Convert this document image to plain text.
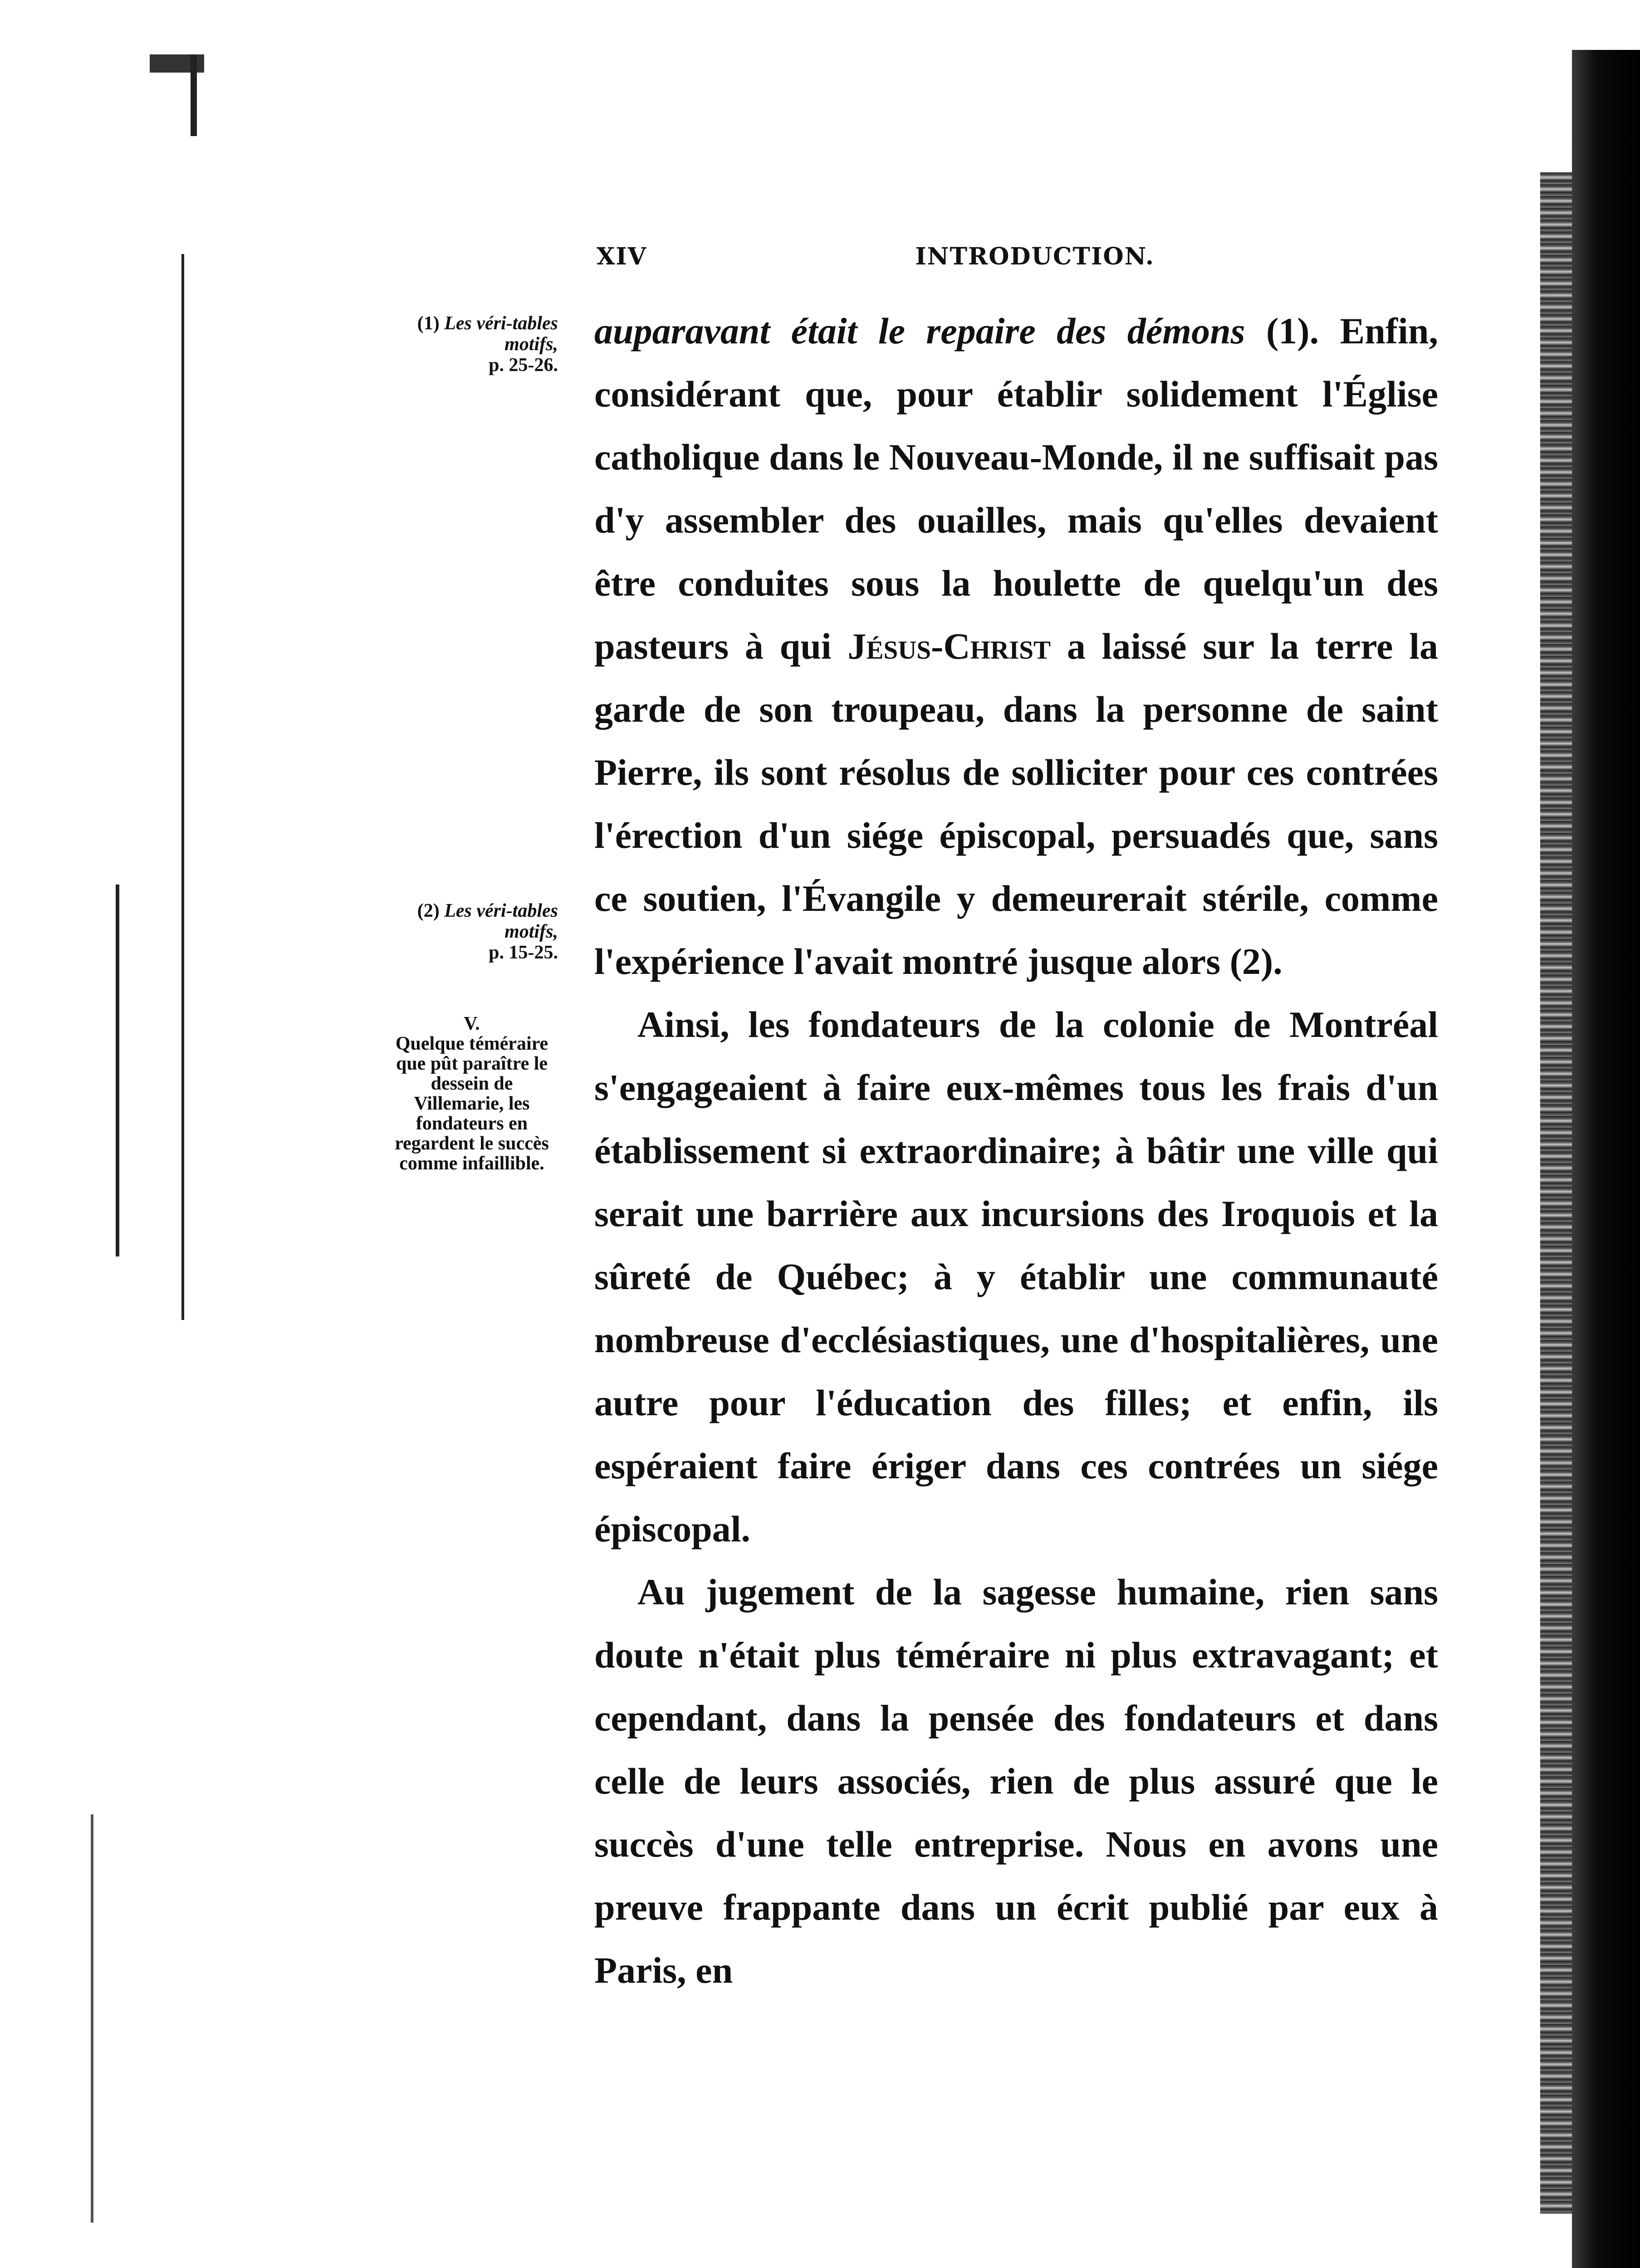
XIV	INTRODUCTION.
(1) Les véri-tables motifs,
p. 25-26.
(2) Les véri-tables motifs,
p. 15-25.
V.
Quelque téméraire que pût paraître le dessein de Villemarie, les fondateurs en regardent le succès comme infaillible.

auparavant était le repaire des démons (1). Enfin, considérant que, pour établir solidement l'Église catholique dans le Nouveau-Monde, il ne suffisait pas d'y assembler des ouailles, mais qu'elles devaient être conduites sous la houlette de quelqu'un des pasteurs à qui Jésus-Christ a laissé sur la terre la garde de son troupeau, dans la personne de saint Pierre, ils sont résolus de solliciter pour ces contrées l'érection d'un siége épiscopal, persuadés que, sans ce soutien, l'Évangile y demeurerait stérile, comme l'expérience l'avait montré jusque alors (2).

Ainsi, les fondateurs de la colonie de Montréal s'engageaient à faire eux-mêmes tous les frais d'un établissement si extraordinaire; à bâtir une ville qui serait une barrière aux incursions des Iroquois et la sûreté de Québec; à y établir une communauté nombreuse d'ecclésiastiques, une d'hospitalières, une autre pour l'éducation des filles; et enfin, ils espéraient faire ériger dans ces contrées un siége épiscopal.

Au jugement de la sagesse humaine, rien sans doute n'était plus téméraire ni plus extravagant; et cependant, dans la pensée des fondateurs et dans celle de leurs associés, rien de plus assuré que le succès d'une telle entreprise. Nous en avons une preuve frappante dans un écrit publié par eux à Paris, en
